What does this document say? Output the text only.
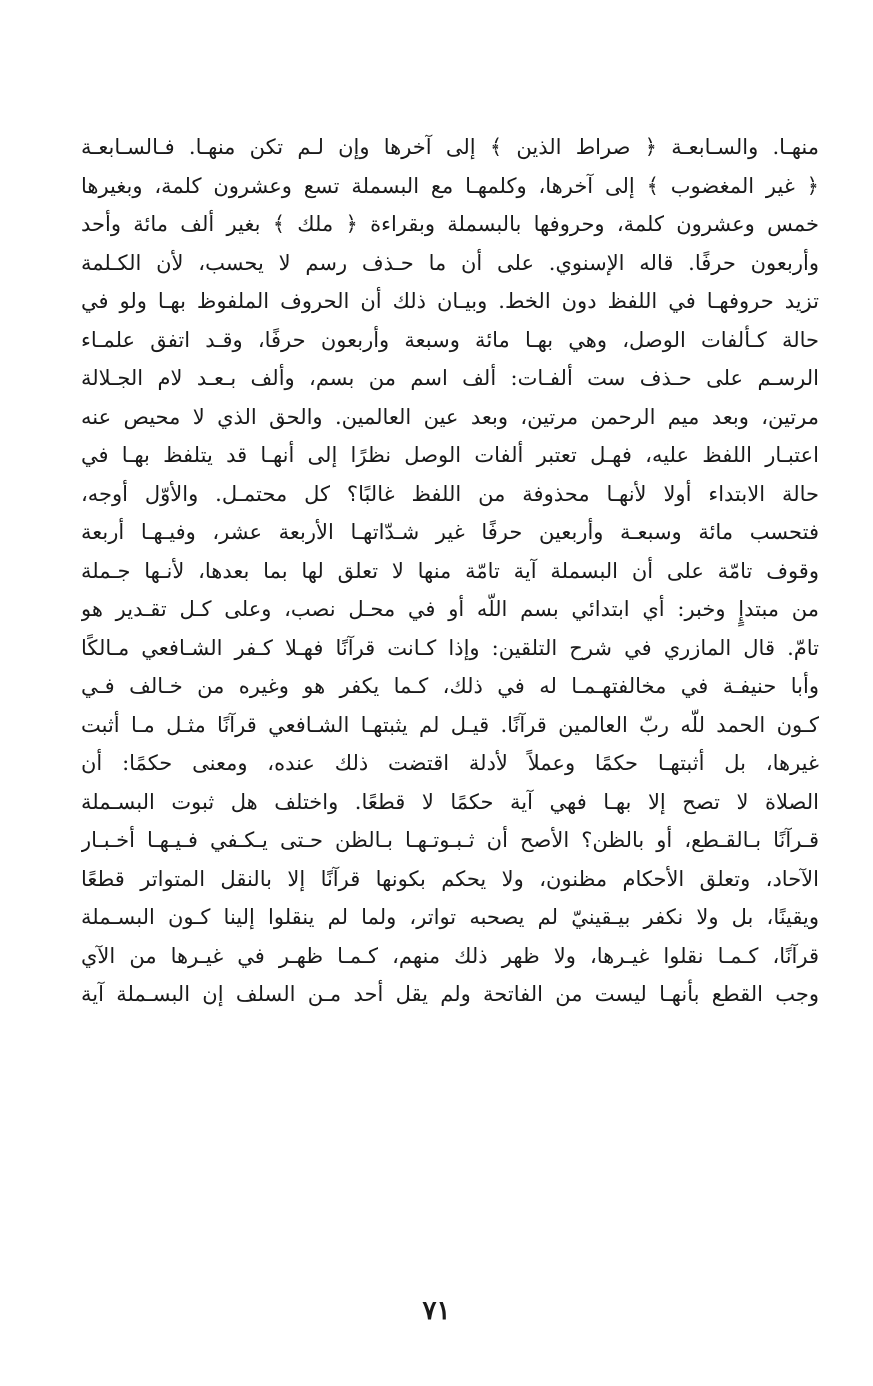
منهـا. والسـابعـة ﴿ صراط الذين ﴾ إلى آخرها وإن لـم تكن منهـا. فـالسـابعـة
﴿ غير المغضوب ﴾ إلى آخرها، وكلمهـا مع البسملة تسع وعشرون كلمة، وبغيرها
خمس وعشرون كلمة، وحروفها بالبسملة وبقراءة ﴿ ملك ﴾ بغير ألف مائة وأحد
وأربعون حرفًا. قاله الإسنوي. على أن ما حـذف رسم لا يحسب، لأن الكـلمة
تزيد حروفهـا في اللفظ دون الخط. وبيـان ذلك أن الحروف الملفوظ بهـا ولو في
حالة كـألفات الوصل، وهي بهـا مائة وسبعة وأربعون حرفًا، وقـد اتفق علمـاء
الرسـم على حـذف ست ألفـات: ألف اسم من بسم، وألف بـعـد لام الجـلالة
مرتين، وبعد ميم الرحمن مرتين، وبعد عين العالمين. والحق الذي لا محيص عنه
اعتبـار اللفظ عليه، فهـل تعتبر ألفات الوصل نظرًا إلى أنهـا قد يتلفظ بهـا في
حالة الابتداء أولا لأنهـا محذوفة من اللفظ غالبًا؟ كل محتمـل. والأوّل أوجه،
فتحسب مائة وسبعـة وأربعين حرفًا غير شـدّاتهـا الأربعة عشر، وفيـهـا أربعة
وقوف تامّة على أن البسملة آية تامّة منها لا تعلق لها بما بعدها، لأنـها جـملة
من مبتدإٍ وخبر: أي ابتدائي بسم اللّه أو في محـل نصب، وعلى كـل تقـدير هو
تامّ. قال المازري في شرح التلقين: وإذا كـانت قرآنًا فهـلا كـفر الشـافعي مـالكًا
وأبا حنيفـة في مخالفتهـمـا له في ذلك، كـما يكفر هو وغيره من خـالف فـي
كـون الحمد للّه ربّ العالمين قرآنًا. قيـل لم يثبتهـا الشـافعي قرآنًا مثـل مـا أثبت
غيرها، بل أثبتهـا حكمًا وعملاً لأدلة اقتضت ذلك عنده، ومعنى حكمًا: أن
الصلاة لا تصح إلا بهـا فهي آية حكمًا لا قطعًا. واختلف هل ثبوت البسـملة
قـرآنًا بـالقـطع، أو بالظن؟ الأصح أن ثـبـوتـهـا بـالظن حـتى يـكـفي فـيـهـا أخـبـار
الآحاد، وتعلق الأحكام مظنون، ولا يحكم بكونها قرآنًا إلا بالنقل المتواتر قطعًا
ويقينًا، بل ولا نكفر بيـقينيّ لم يصحبه تواتر، ولما لم ينقلوا إلينا كـون البسـملة
قرآنًا، كـمـا نقلوا غيـرها، ولا ظهر ذلك منهم، كـمـا ظهـر في غيـرها من الآي
وجب القطع بأنهـا ليست من الفاتحة ولم يقل أحد مـن السلف إن البسـملة آية
٧١
